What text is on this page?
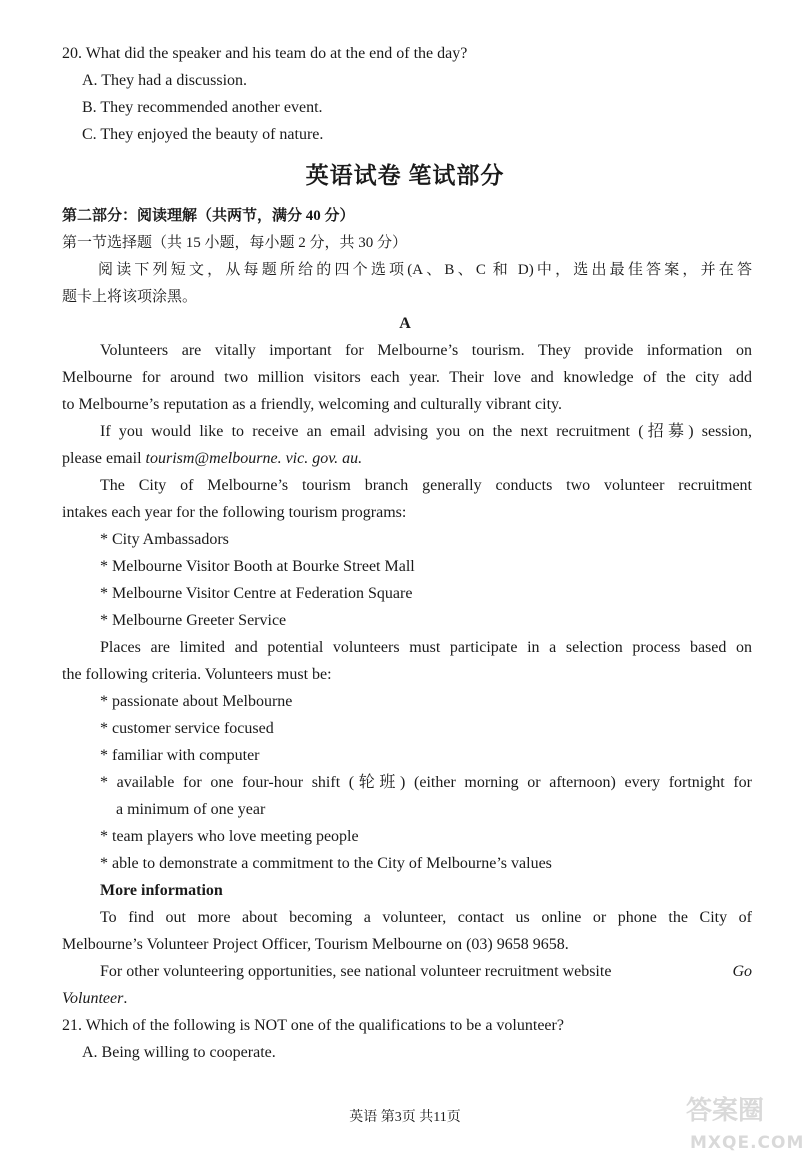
20. What did the speaker and his team do at the end of the day?
A. They had a discussion.
B. They recommended another event.
C. They enjoyed the beauty of nature.
英语试卷 笔试部分
第二部分：阅读理解（共两节，满分 40 分）
第一节选择题（共 15 小题，每小题 2 分，共 30 分）
阅读下列短文，从每题所给的四个选项(A、B、C 和 D)中，选出最佳答案，并在答
题卡上将该项涂黑。
A
Volunteers are vitally important for Melbourne’s tourism. They provide information on
Melbourne for around two million visitors each year. Their love and knowledge of the city add
to Melbourne’s reputation as a friendly, welcoming and culturally vibrant city.
If you would like to receive an email advising you on the next recruitment (招募) session,
please email tourism@melbourne. vic. gov. au.
The City of Melbourne’s tourism branch generally conducts two volunteer recruitment
intakes each year for the following tourism programs:
* City Ambassadors
* Melbourne Visitor Booth at Bourke Street Mall
* Melbourne Visitor Centre at Federation Square
* Melbourne Greeter Service
Places are limited and potential volunteers must participate in a selection process based on
the following criteria. Volunteers must be:
* passionate about Melbourne
* customer service focused
* familiar with computer
* available for one four-hour shift (轮班) (either morning or afternoon) every fortnight for
a minimum of one year
* team players who love meeting people
* able to demonstrate a commitment to the City of Melbourne’s values
More information
To find out more about becoming a volunteer, contact us online or phone the City of
Melbourne’s Volunteer Project Officer, Tourism Melbourne on (03) 9658 9658.
For other volunteering opportunities, see national volunteer recruitment website	Go
Volunteer.
21. Which of the following is NOT one of the qualifications to be a volunteer?
A. Being willing to cooperate.
英语 第3页 共11页	答案圈
MXQE.COM
